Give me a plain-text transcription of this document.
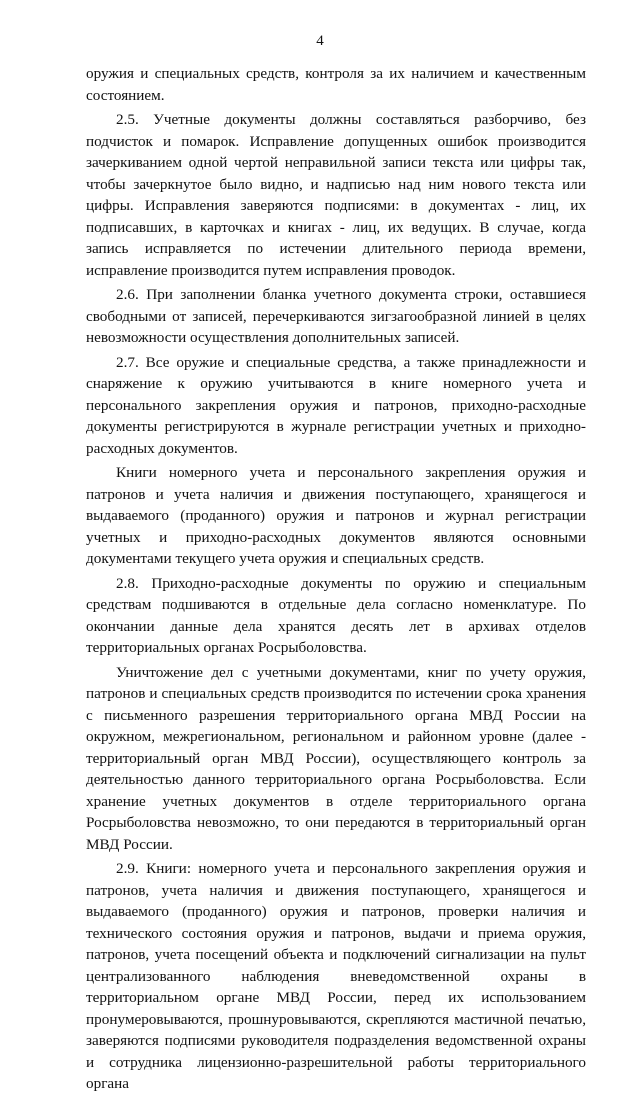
4

оружия и специальных средств, контроля за их наличием и качественным состоянием.

2.5. Учетные документы должны составляться разборчиво, без подчисток и помарок. Исправление допущенных ошибок производится зачеркиванием одной чертой неправильной записи текста или цифры так, чтобы зачеркнутое было видно, и надписью над ним нового текста или цифры. Исправления заверяются подписями: в документах - лиц, их подписавших, в карточках и книгах - лиц, их ведущих. В случае, когда запись исправляется по истечении длительного периода времени, исправление производится путем исправления проводок.

2.6. При заполнении бланка учетного документа строки, оставшиеся свободными от записей, перечеркиваются зигзагообразной линией в целях невозможности осуществления дополнительных записей.

2.7. Все оружие и специальные средства, а также принадлежности и снаряжение к оружию учитываются в книге номерного учета и персонального закрепления оружия и патронов, приходно-расходные документы регистрируются в журнале регистрации учетных и приходно-расходных документов.

Книги номерного учета и персонального закрепления оружия и патронов и учета наличия и движения поступающего, хранящегося и выдаваемого (проданного) оружия и патронов и журнал регистрации учетных и приходно-расходных документов являются основными документами текущего учета оружия и специальных средств.

2.8. Приходно-расходные документы по оружию и специальным средствам подшиваются в отдельные дела согласно номенклатуре. По окончании данные дела хранятся десять лет в архивах отделов территориальных органах Росрыболовства.

Уничтожение дел с учетными документами, книг по учету оружия, патронов и специальных средств производится по истечении срока хранения с письменного разрешения территориального органа МВД России на окружном, межрегиональном, региональном и районном уровне (далее - территориальный орган МВД России), осуществляющего контроль за деятельностью данного территориального органа Росрыболовства. Если хранение учетных документов в отделе территориального органа Росрыболовства невозможно, то они передаются в территориальный орган МВД России.

2.9. Книги: номерного учета и персонального закрепления оружия и патронов, учета наличия и движения поступающего, хранящегося и выдаваемого (проданного) оружия и патронов, проверки наличия и технического состояния оружия и патронов, выдачи и приема оружия, патронов, учета посещений объекта и подключений сигнализации на пульт централизованного наблюдения вневедомственной охраны в территориальном органе МВД России, перед их использованием пронумеровываются, прошнуровываются, скрепляются мастичной печатью, заверяются подписями руководителя подразделения ведомственной охраны и сотрудника лицензионно-разрешительной работы территориального органа
